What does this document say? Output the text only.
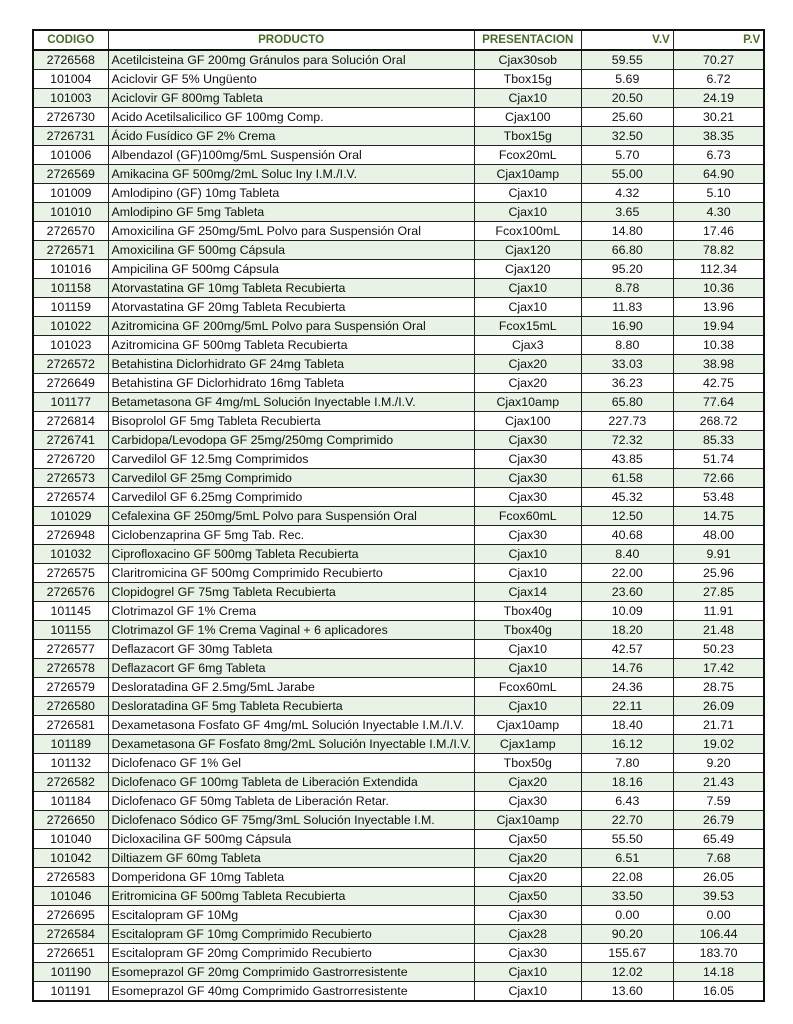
CODIGO	PRODUCTO	PRESENTACION	V.V	P.V
2726568	Acetilcisteina GF 200mg Gránulos para Solución Oral	Cjax30sob	59.55	70.27
101004	Aciclovir GF 5% Ungüento	Tbox15g	5.69	6.72
101003	Aciclovir GF 800mg Tableta	Cjax10	20.50	24.19
2726730	Acido Acetilsalicilico GF 100mg Comp.	Cjax100	25.60	30.21
2726731	Ácido Fusídico GF 2% Crema	Tbox15g	32.50	38.35
101006	Albendazol (GF)100mg/5mL Suspensión Oral	Fcox20mL	5.70	6.73
2726569	Amikacina GF 500mg/2mL Soluc Iny I.M./I.V.	Cjax10amp	55.00	64.90
101009	Amlodipino (GF) 10mg Tableta	Cjax10	4.32	5.10
101010	Amlodipino GF 5mg Tableta	Cjax10	3.65	4.30
2726570	Amoxicilina GF 250mg/5mL Polvo para Suspensión Oral	Fcox100mL	14.80	17.46
2726571	Amoxicilina GF 500mg Cápsula	Cjax120	66.80	78.82
101016	Ampicilina GF 500mg Cápsula	Cjax120	95.20	112.34
101158	Atorvastatina GF 10mg Tableta Recubierta	Cjax10	8.78	10.36
101159	Atorvastatina GF 20mg Tableta Recubierta	Cjax10	11.83	13.96
101022	Azitromicina GF 200mg/5mL Polvo para Suspensión Oral	Fcox15mL	16.90	19.94
101023	Azitromicina GF 500mg Tableta Recubierta	Cjax3	8.80	10.38
2726572	Betahistina Diclorhidrato GF 24mg Tableta	Cjax20	33.03	38.98
2726649	Betahistina GF Diclorhidrato 16mg Tableta	Cjax20	36.23	42.75
101177	Betametasona GF 4mg/mL Solución Inyectable I.M./I.V.	Cjax10amp	65.80	77.64
2726814	Bisoprolol GF 5mg Tableta Recubierta	Cjax100	227.73	268.72
2726741	Carbidopa/Levodopa GF 25mg/250mg Comprimido	Cjax30	72.32	85.33
2726720	Carvedilol GF 12.5mg Comprimidos	Cjax30	43.85	51.74
2726573	Carvedilol GF 25mg Comprimido	Cjax30	61.58	72.66
2726574	Carvedilol GF 6.25mg Comprimido	Cjax30	45.32	53.48
101029	Cefalexina GF 250mg/5mL Polvo para Suspensión Oral	Fcox60mL	12.50	14.75
2726948	Ciclobenzaprina GF 5mg Tab. Rec.	Cjax30	40.68	48.00
101032	Ciprofloxacino GF 500mg Tableta Recubierta	Cjax10	8.40	9.91
2726575	Claritromicina GF 500mg Comprimido Recubierto	Cjax10	22.00	25.96
2726576	Clopidogrel GF 75mg Tableta Recubierta	Cjax14	23.60	27.85
101145	Clotrimazol GF 1% Crema	Tbox40g	10.09	11.91
101155	Clotrimazol GF 1% Crema Vaginal + 6 aplicadores	Tbox40g	18.20	21.48
2726577	Deflazacort GF 30mg Tableta	Cjax10	42.57	50.23
2726578	Deflazacort GF 6mg Tableta	Cjax10	14.76	17.42
2726579	Desloratadina GF 2.5mg/5mL Jarabe	Fcox60mL	24.36	28.75
2726580	Desloratadina GF 5mg Tableta Recubierta	Cjax10	22.11	26.09
2726581	Dexametasona Fosfato GF 4mg/mL Solución Inyectable I.M./I.V.	Cjax10amp	18.40	21.71
101189	Dexametasona GF Fosfato 8mg/2mL Solución Inyectable I.M./I.V.	Cjax1amp	16.12	19.02
101132	Diclofenaco GF 1% Gel	Tbox50g	7.80	9.20
2726582	Diclofenaco GF 100mg Tableta de Liberación Extendida	Cjax20	18.16	21.43
101184	Diclofenaco GF 50mg Tableta de Liberación Retar.	Cjax30	6.43	7.59
2726650	Diclofenaco Sódico GF 75mg/3mL Solución Inyectable I.M.	Cjax10amp	22.70	26.79
101040	Dicloxacilina GF 500mg Cápsula	Cjax50	55.50	65.49
101042	Diltiazem GF 60mg Tableta	Cjax20	6.51	7.68
2726583	Domperidona GF 10mg Tableta	Cjax20	22.08	26.05
101046	Eritromicina GF 500mg Tableta Recubierta	Cjax50	33.50	39.53
2726695	Escitalopram GF 10Mg	Cjax30	0.00	0.00
2726584	Escitalopram GF 10mg Comprimido Recubierto	Cjax28	90.20	106.44
2726651	Escitalopram GF 20mg Comprimido Recubierto	Cjax30	155.67	183.70
101190	Esomeprazol GF 20mg Comprimido Gastrorresistente	Cjax10	12.02	14.18
101191	Esomeprazol GF 40mg Comprimido Gastrorresistente	Cjax10	13.60	16.05
